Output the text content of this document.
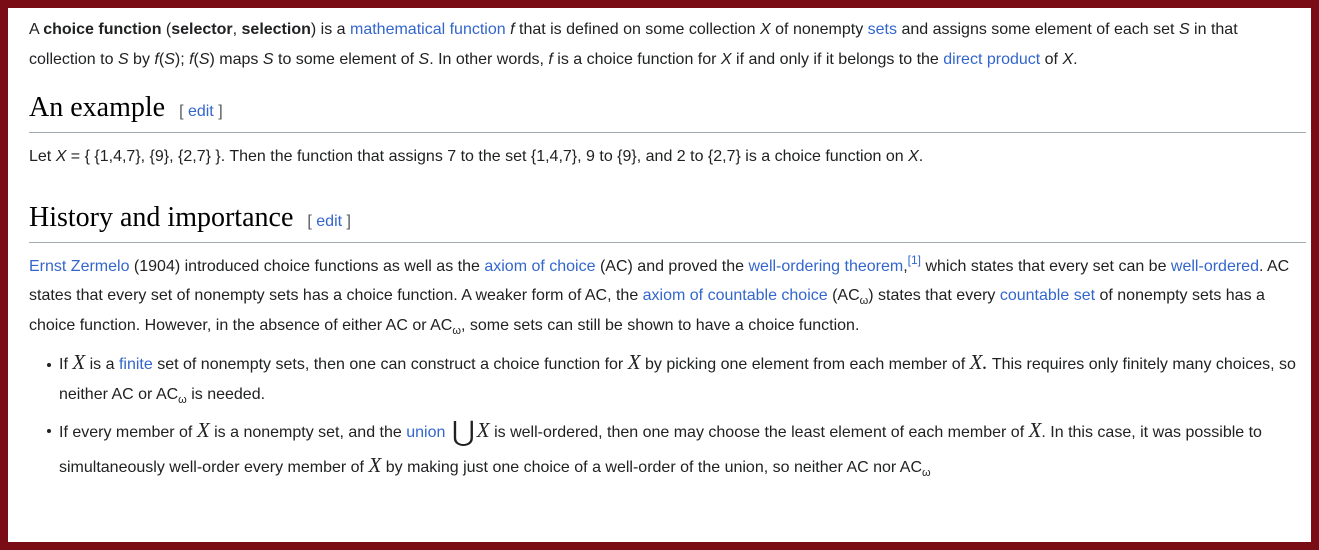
A choice function (selector, selection) is a mathematical function f that is defined on some collection X of nonempty sets and assigns some element of each set S in that collection to S by f(S); f(S) maps S to some element of S. In other words, f is a choice function for X if and only if it belongs to the direct product of X.

An example [ edit ]

Let X = { {1,4,7}, {9}, {2,7} }. Then the function that assigns 7 to the set {1,4,7}, 9 to {9}, and 2 to {2,7} is a choice function on X.

History and importance [ edit ]

Ernst Zermelo (1904) introduced choice functions as well as the axiom of choice (AC) and proved the well-ordering theorem,[1] which states that every set can be well-ordered. AC states that every set of nonempty sets has a choice function. A weaker form of AC, the axiom of countable choice $(AC_\omega)$ states that every countable set of nonempty sets has a choice function. However, in the absence of either AC or $AC_\omega$, some sets can still be shown to have a choice function.

If X is a finite set of nonempty sets, then one can construct a choice function for X by picking one element from each member of X. This requires only finitely many choices, so neither AC or $AC_\omega$ is needed.
If every member of X is a nonempty set, and the union ⋃X is well-ordered, then one may choose the least element of each member of X. In this case, it was possible to simultaneously well-order every member of X by making just one choice of a well-order of the union, so neither AC nor $AC_\omega$
